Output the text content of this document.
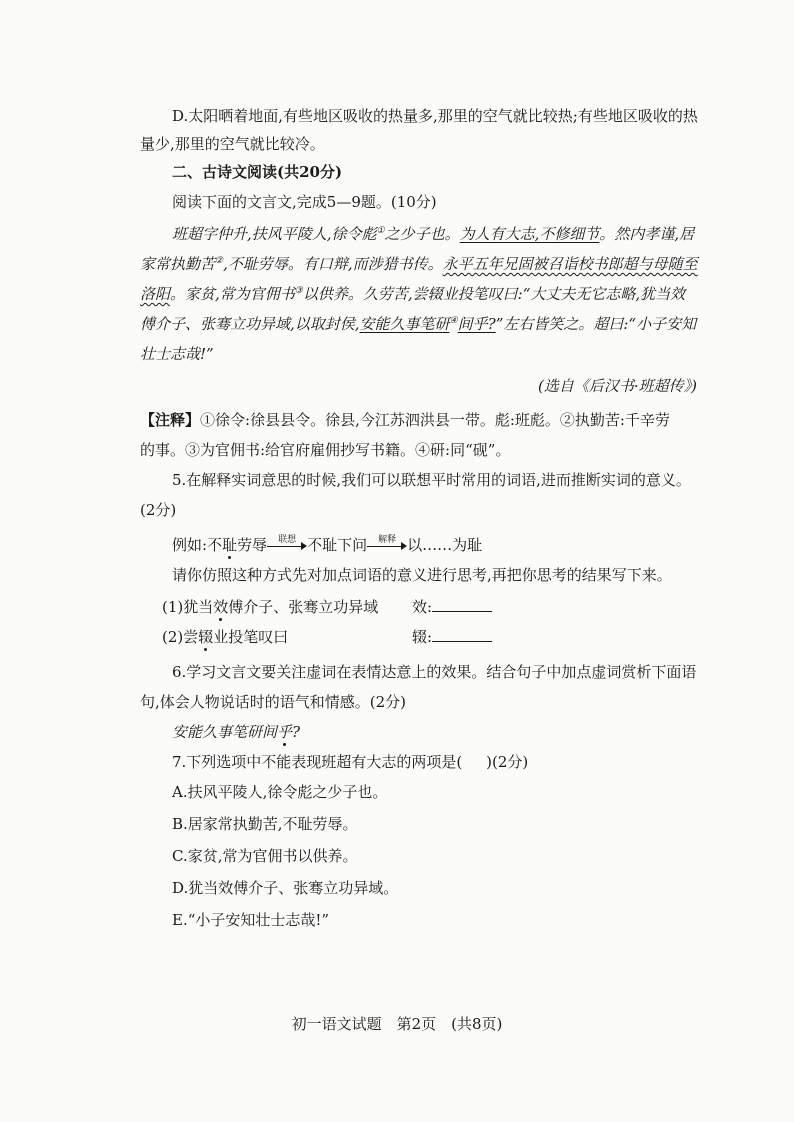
D.太阳晒着地面,有些地区吸收的热量多,那里的空气就比较热;有些地区吸收的热
量少,那里的空气就比较冷。
二、古诗文阅读(共20分)
阅读下面的文言文,完成5—9题。(10分)
班超字仲升,扶风平陵人,徐令彪①之少子也。为人有大志,不修细节。然内孝谨,居
家常执勤苦②,不耻劳辱。有口辩,而涉猎书传。永平五年兄固被召诣校书郎超与母随至
洛阳。家贫,常为官佣书③以供养。久劳苦,尝辍业投笔叹曰:“大丈夫无它志略,犹当效
傅介子、张骞立功异域,以取封侯,安能久事笔研④间乎?”左右皆笑之。超曰:“小子安知
壮士志哉!”
(选自《后汉书·班超传》)
【注释】①徐令:徐县县令。徐县,今江苏泗洪县一带。彪:班彪。②执勤苦:千辛劳
的事。③为官佣书:给官府雇佣抄写书籍。④研:同“砚”。
5.在解释实词意思的时候,我们可以联想平时常用的词语,进而推断实词的意义。
(2分)
例如:不耻劳辱	联想 不耻下问	解释 以……为耻
请你仿照这种方式先对加点词语的意义进行思考,再把你思考的结果写下来。
(1)犹当效傅介子、张骞立功异域 效:
(2)尝辍业投笔叹曰	辍:
6.学习文言文要关注虚词在表情达意上的效果。结合句子中加点虚词赏析下面语
句,体会人物说话时的语气和情感。(2分)
安能久事笔研间乎?
7.下列选项中不能表现班超有大志的两项是( )(2分)
A.扶风平陵人,徐令彪之少子也。
B.居家常执勤苦,不耻劳辱。
C.家贫,常为官佣书以供养。
D.犹当效傅介子、张骞立功异域。
E.“小子安知壮士志哉!”
初一语文试题　第2页　(共8页)
